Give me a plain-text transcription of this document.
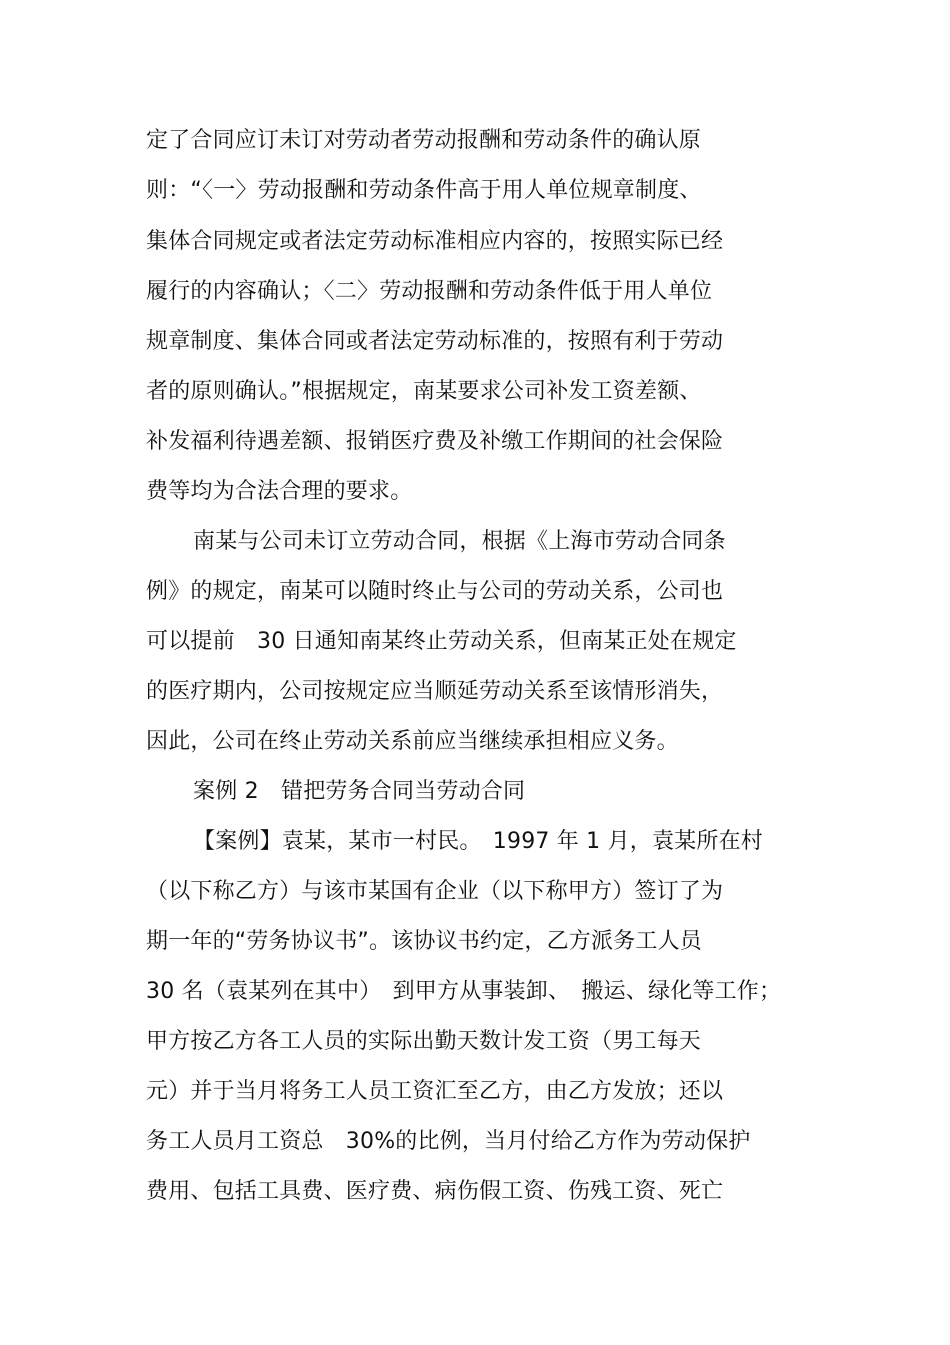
定了合同应订未订对劳动者劳动报酬和劳动条件的确认原
则：“〈一〉劳动报酬和劳动条件高于用人单位规章制度、
集体合同规定或者法定劳动标准相应内容的，按照实际已经
履行的内容确认；〈二〉劳动报酬和劳动条件低于用人单位
规章制度、集体合同或者法定劳动标准的，按照有利于劳动
者的原则确认。”根据规定，南某要求公司补发工资差额、
补发福利待遇差额、报销医疗费及补缴工作期间的社会保险
费等均为合法合理的要求。
南某与公司未订立劳动合同，根据《上海市劳动合同条
例》的规定，南某可以随时终止与公司的劳动关系，公司也
可以提前　30 日通知南某终止劳动关系，但南某正处在规定
的医疗期内，公司按规定应当顺延劳动关系至该情形消失，
因此，公司在终止劳动关系前应当继续承担相应义务。
案例 2　错把劳务合同当劳动合同
【案例】袁某，某市一村民。　1997 年 1 月，袁某所在村
（以下称乙方）与该市某国有企业（以下称甲方）签订了为
期一年的“劳务协议书”。该协议书约定，乙方派务工人员
30 名（袁某列在其中）　到甲方从事装卸、　搬运、绿化等工作；
甲方按乙方各工人员的实际出勤天数计发工资（男工每天
元）并于当月将务工人员工资汇至乙方，由乙方发放；还以
务工人员月工资总　30%的比例，当月付给乙方作为劳动保护
费用、包括工具费、医疗费、病伤假工资、伤残工资、死亡
